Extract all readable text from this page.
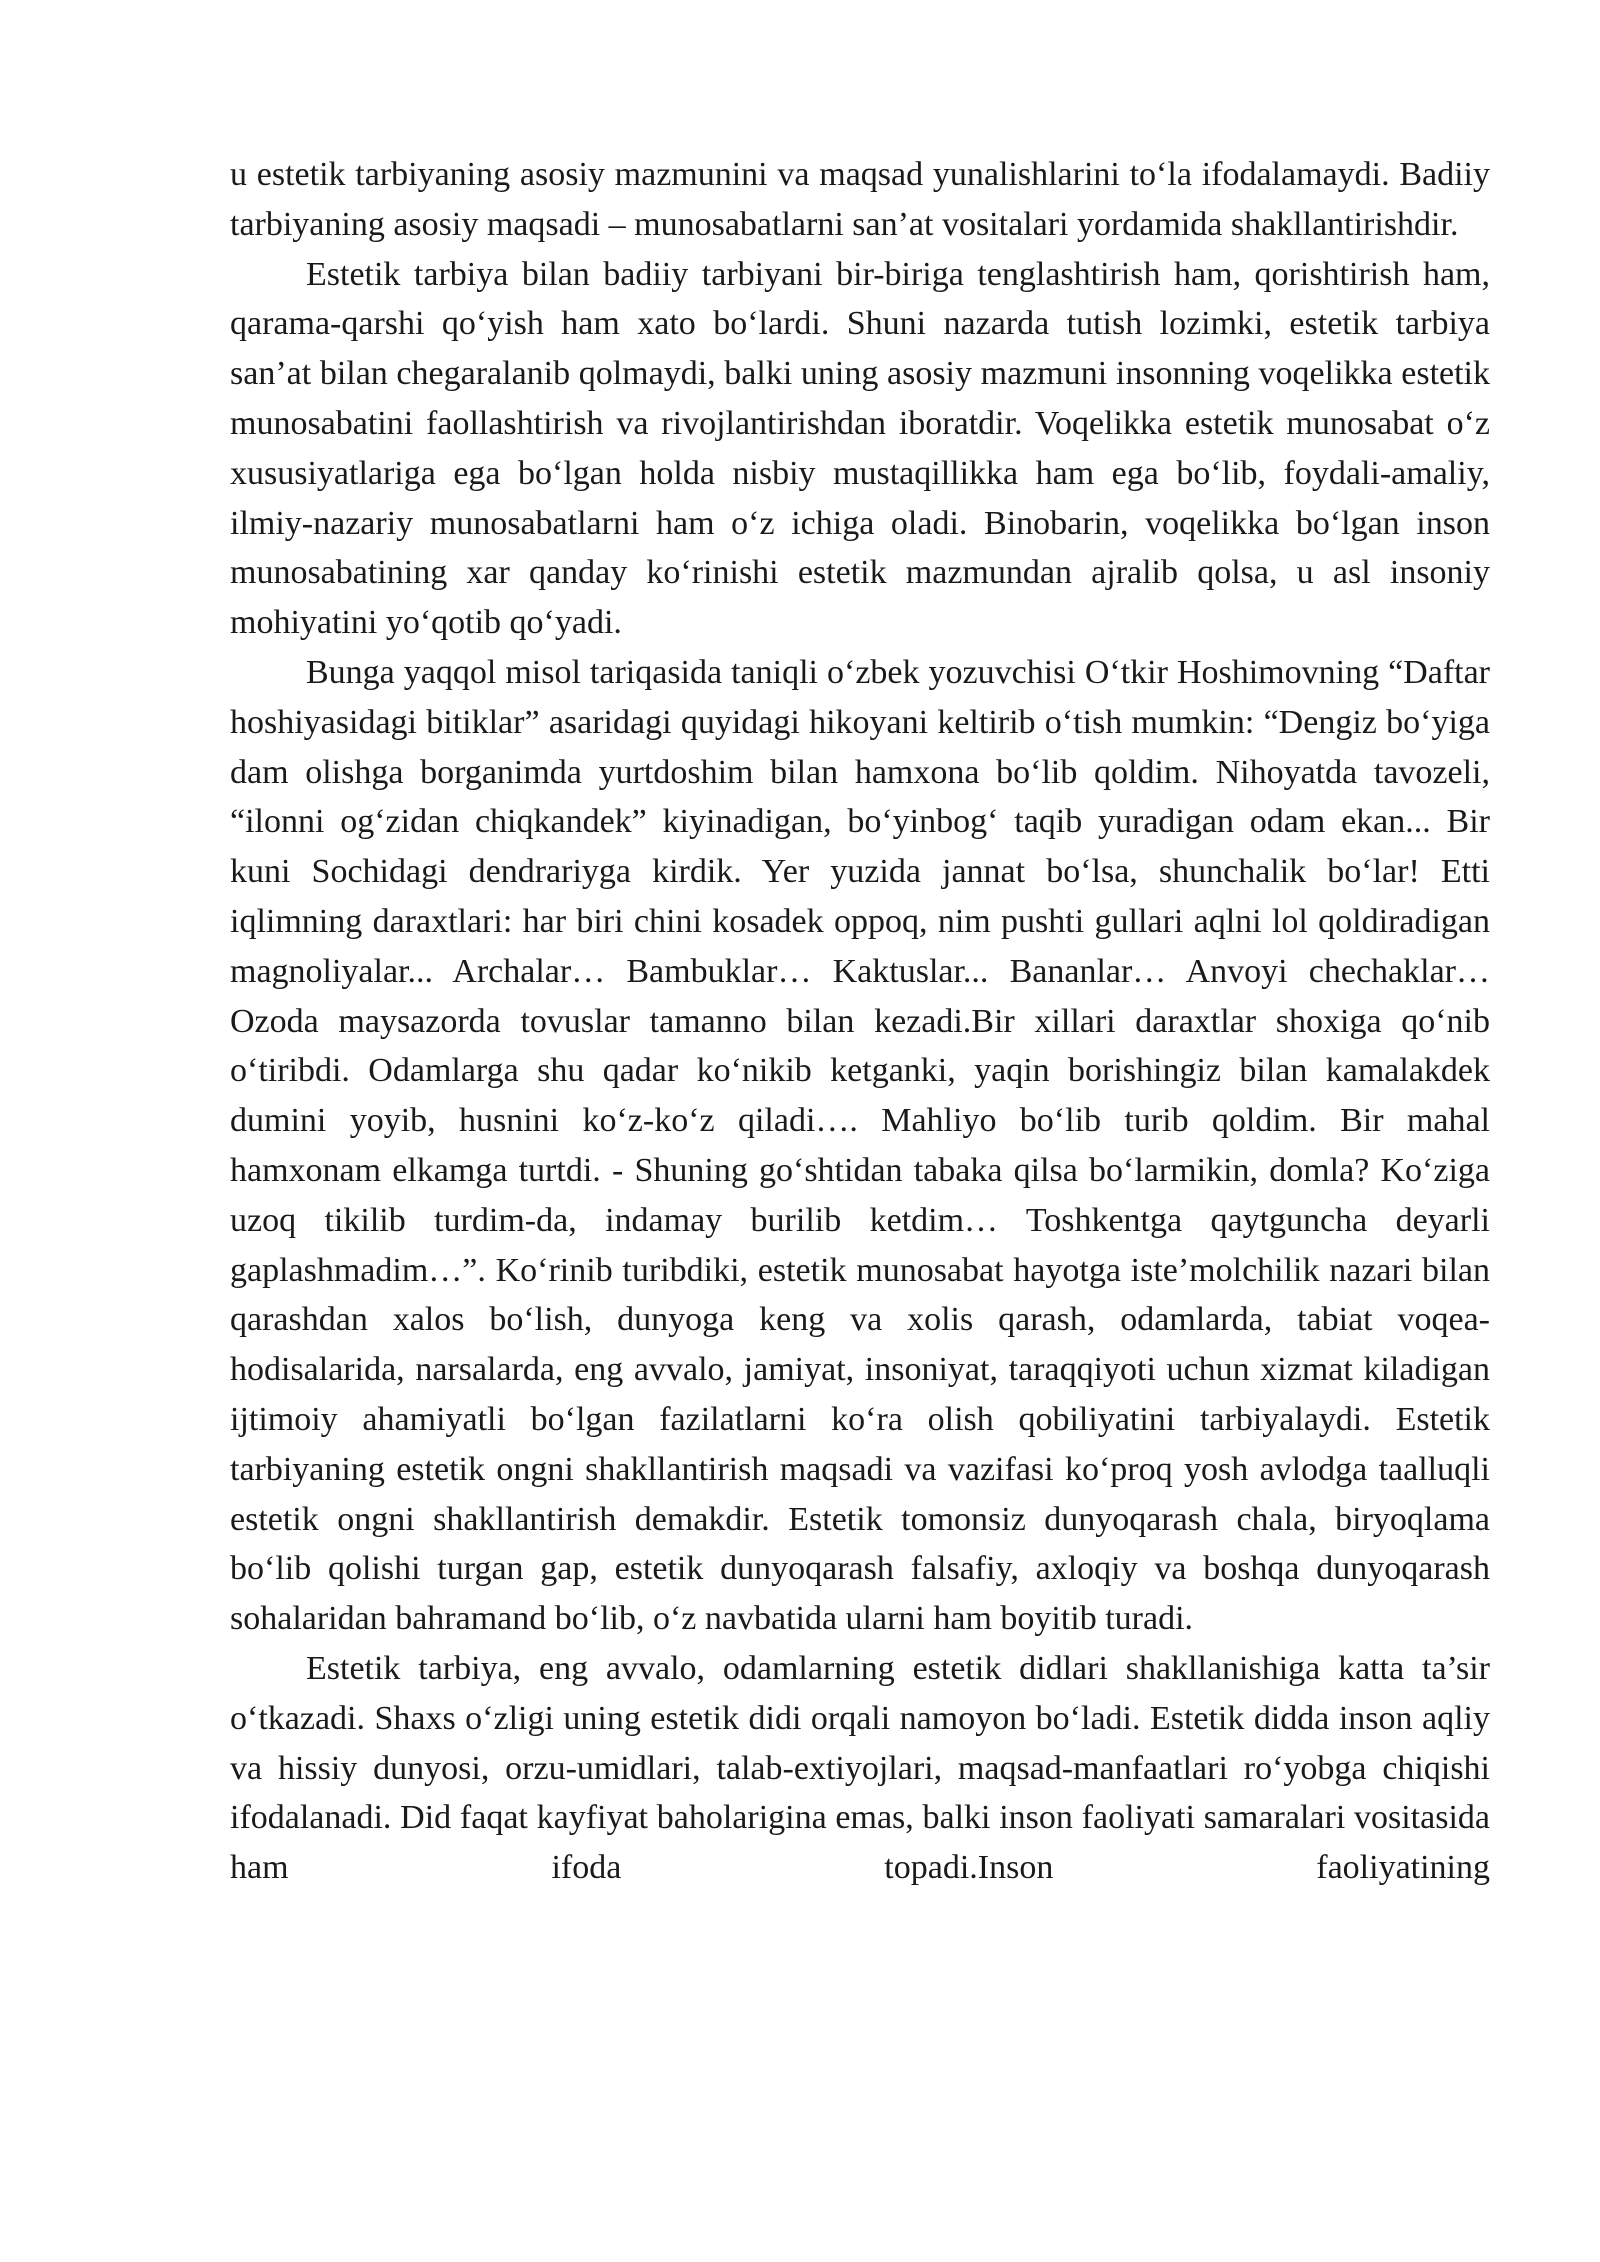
u estetik tarbiyaning asosiy mazmunini va maqsad yunalishlarini to‘la ifodalamaydi. Badiiy tarbiyaning asosiy maqsadi – munosabatlarni san’at vositalari yordamida shakllantirishdir.

Estetik tarbiya bilan badiiy tarbiyani bir-biriga tenglashtirish ham, qorishtirish ham, qarama-qarshi qo‘yish ham xato bo‘lardi. Shuni nazarda tutish lozimki, estetik tarbiya san’at bilan chegaralanib qolmaydi, balki uning asosiy mazmuni insonning voqelikka estetik munosabatini faollashtirish va rivojlantirishdan iboratdir. Voqelikka estetik munosabat o‘z xususiyatlariga ega bo‘lgan holda nisbiy mustaqillikka ham ega bo‘lib, foydali-amaliy, ilmiy-nazariy munosabatlarni ham o‘z ichiga oladi. Binobarin, voqelikka bo‘lgan inson munosabatining xar qanday ko‘rinishi estetik mazmundan ajralib qolsa, u asl insoniy mohiyatini yo‘qotib qo‘yadi.

Bunga yaqqol misol tariqasida taniqli o‘zbek yozuvchisi O‘tkir Hoshimovning “Daftar hoshiyasidagi bitiklar” asaridagi quyidagi hikoyani keltirib o‘tish mumkin: “Dengiz bo‘yiga dam olishga borganimda yurtdoshim bilan hamxona bo‘lib qoldim. Nihoyatda tavozeli, “ilonni og‘zidan chiqkandek” kiyinadigan, bo‘yinbog‘ taqib yuradigan odam ekan... Bir kuni Sochidagi dendrariyga kirdik. Yer yuzida jannat bo‘lsa, shunchalik bo‘lar! Etti iqlimning daraxtlari: har biri chini kosadek oppoq, nim pushti gullari aqlni lol qoldiradigan magnoliyalar... Archalar… Bambuklar… Kaktuslar... Bananlar… Anvoyi chechaklar… Ozoda maysazorda tovuslar tamanno bilan kezadi.Bir xillari daraxtlar shoxiga qo‘nib o‘tiribdi. Odamlarga shu qadar ko‘nikib ketganki, yaqin borishingiz bilan kamalakdek dumini yoyib, husnini ko‘z-ko‘z qiladi…. Mahliyo bo‘lib turib qoldim. Bir mahal hamxonam elkamga turtdi. - Shuning go‘shtidan tabaka qilsa bo‘larmikin, domla? Ko‘ziga uzoq tikilib turdim-da, indamay burilib ketdim… Toshkentga qaytguncha deyarli gaplashmadim…”. Ko‘rinib turibdiki, estetik munosabat hayotga iste’molchilik nazari bilan qarashdan xalos bo‘lish, dunyoga keng va xolis qarash, odamlarda, tabiat voqea-hodisalarida, narsalarda, eng avvalo, jamiyat, insoniyat, taraqqiyoti uchun xizmat kiladigan ijtimoiy ahamiyatli bo‘lgan fazilatlarni ko‘ra olish qobiliyatini tarbiyalaydi. Estetik tarbiyaning estetik ongni shakllantirish maqsadi va vazifasi ko‘proq yosh avlodga taalluqli estetik ongni shakllantirish demakdir. Estetik tomonsiz dunyoqarash chala, biryoqlama bo‘lib qolishi turgan gap, estetik dunyoqarash falsafiy, axloqiy va boshqa dunyoqarash sohalaridan bahramand bo‘lib, o‘z navbatida ularni ham boyitib turadi.

Estetik tarbiya, eng avvalo, odamlarning estetik didlari shakllanishiga katta ta’sir o‘tkazadi. Shaxs o‘zligi uning estetik didi orqali namoyon bo‘ladi. Estetik didda inson aqliy va hissiy dunyosi, orzu-umidlari, talab-extiyojlari, maqsad-manfaatlari ro‘yobga chiqishi ifodalanadi. Did faqat kayfiyat baholarigina emas, balki inson faoliyati samaralari vositasida ham ifoda topadi.Inson faoliyatining
